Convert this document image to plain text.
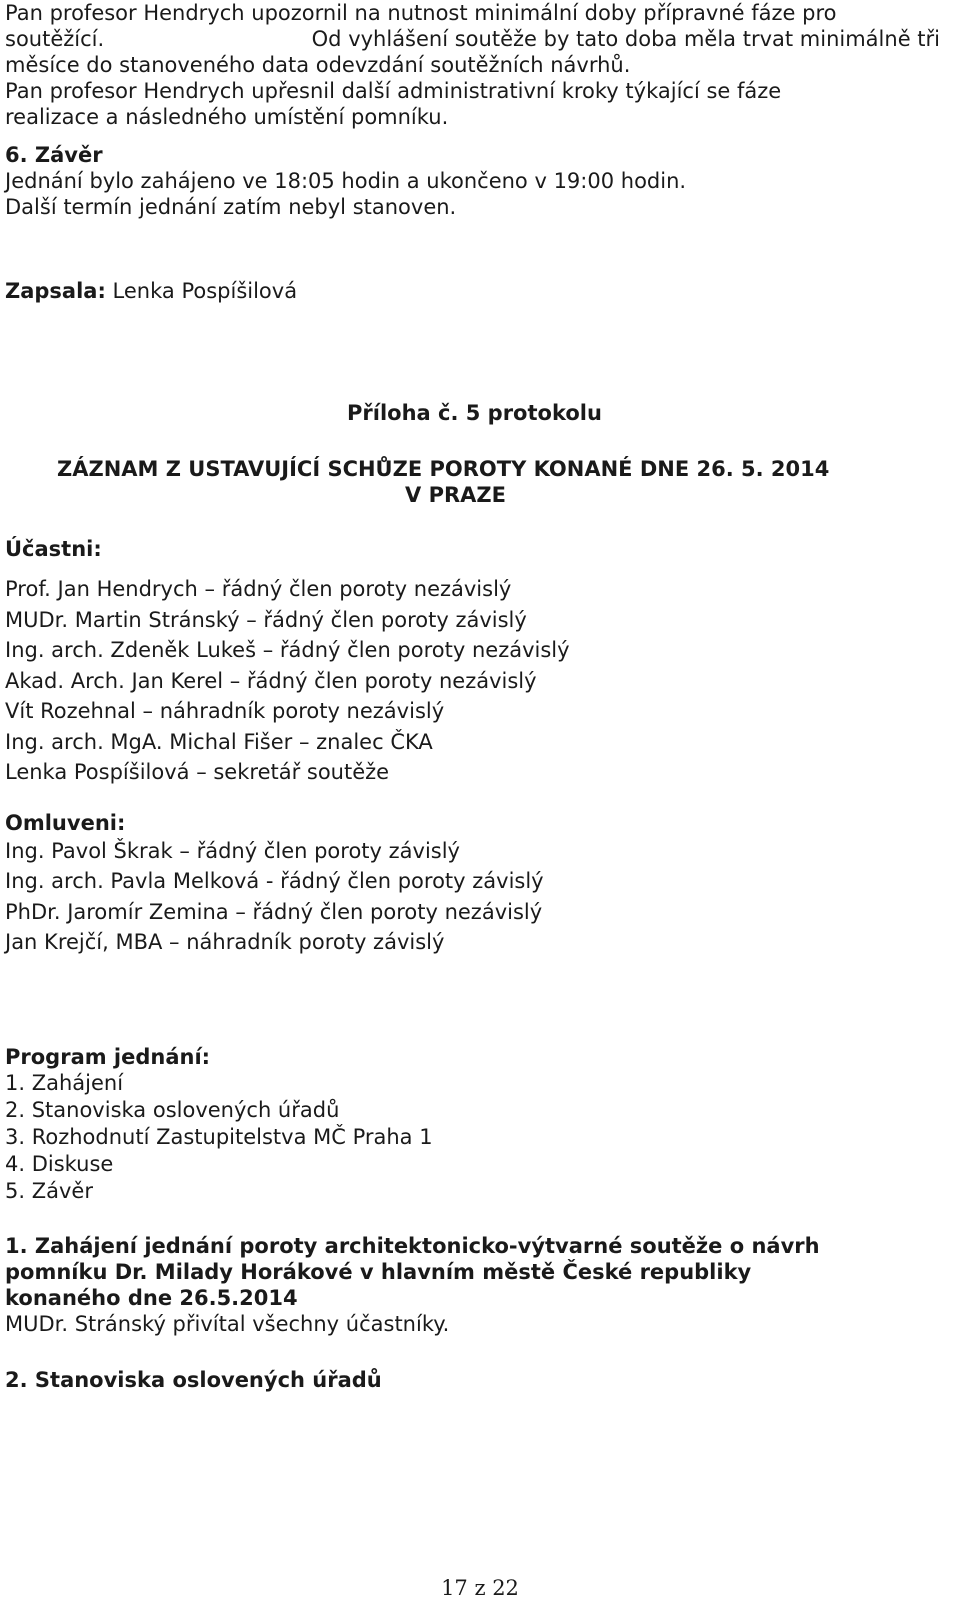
Pan profesor Hendrych upozornil na nutnost minimální doby přípravné fáze pro
soutěžící.	Od vyhlášení soutěže by tato doba měla trvat minimálně tři
měsíce do stanoveného data odevzdání soutěžních návrhů.
Pan profesor Hendrych upřesnil další administrativní kroky týkající se fáze
realizace a následného umístění pomníku.
6. Závěr
Jednání bylo zahájeno ve 18:05 hodin a ukončeno v 19:00 hodin.
Další termín jednání zatím nebyl stanoven.
Zapsala: Lenka Pospíšilová
Příloha č. 5 protokolu
ZÁZNAM Z USTAVUJÍCÍ SCHŮZE POROTY KONANÉ DNE 26. 5. 2014
V PRAZE
Účastni:
Prof. Jan Hendrych – řádný člen poroty nezávislý
MUDr. Martin Stránský – řádný člen poroty závislý
Ing. arch. Zdeněk Lukeš – řádný člen poroty nezávislý
Akad. Arch. Jan Kerel – řádný člen poroty nezávislý
Vít Rozehnal – náhradník poroty nezávislý
Ing. arch. MgA. Michal Fišer – znalec ČKA
Lenka Pospíšilová – sekretář soutěže
Omluveni:
Ing. Pavol Škrak – řádný člen poroty závislý
Ing. arch. Pavla Melková - řádný člen poroty závislý
PhDr. Jaromír Zemina – řádný člen poroty nezávislý
Jan Krejčí, MBA – náhradník poroty závislý
Program jednání:
1. Zahájení
2. Stanoviska oslovených úřadů
3. Rozhodnutí Zastupitelstva MČ Praha 1
4. Diskuse
5. Závěr
1. Zahájení jednání poroty architektonicko-výtvarné soutěže o návrh
pomníku Dr. Milady Horákové v hlavním městě České republiky
konaného dne 26.5.2014
MUDr. Stránský přivítal všechny účastníky.
2. Stanoviska oslovených úřadů
17 z 22
